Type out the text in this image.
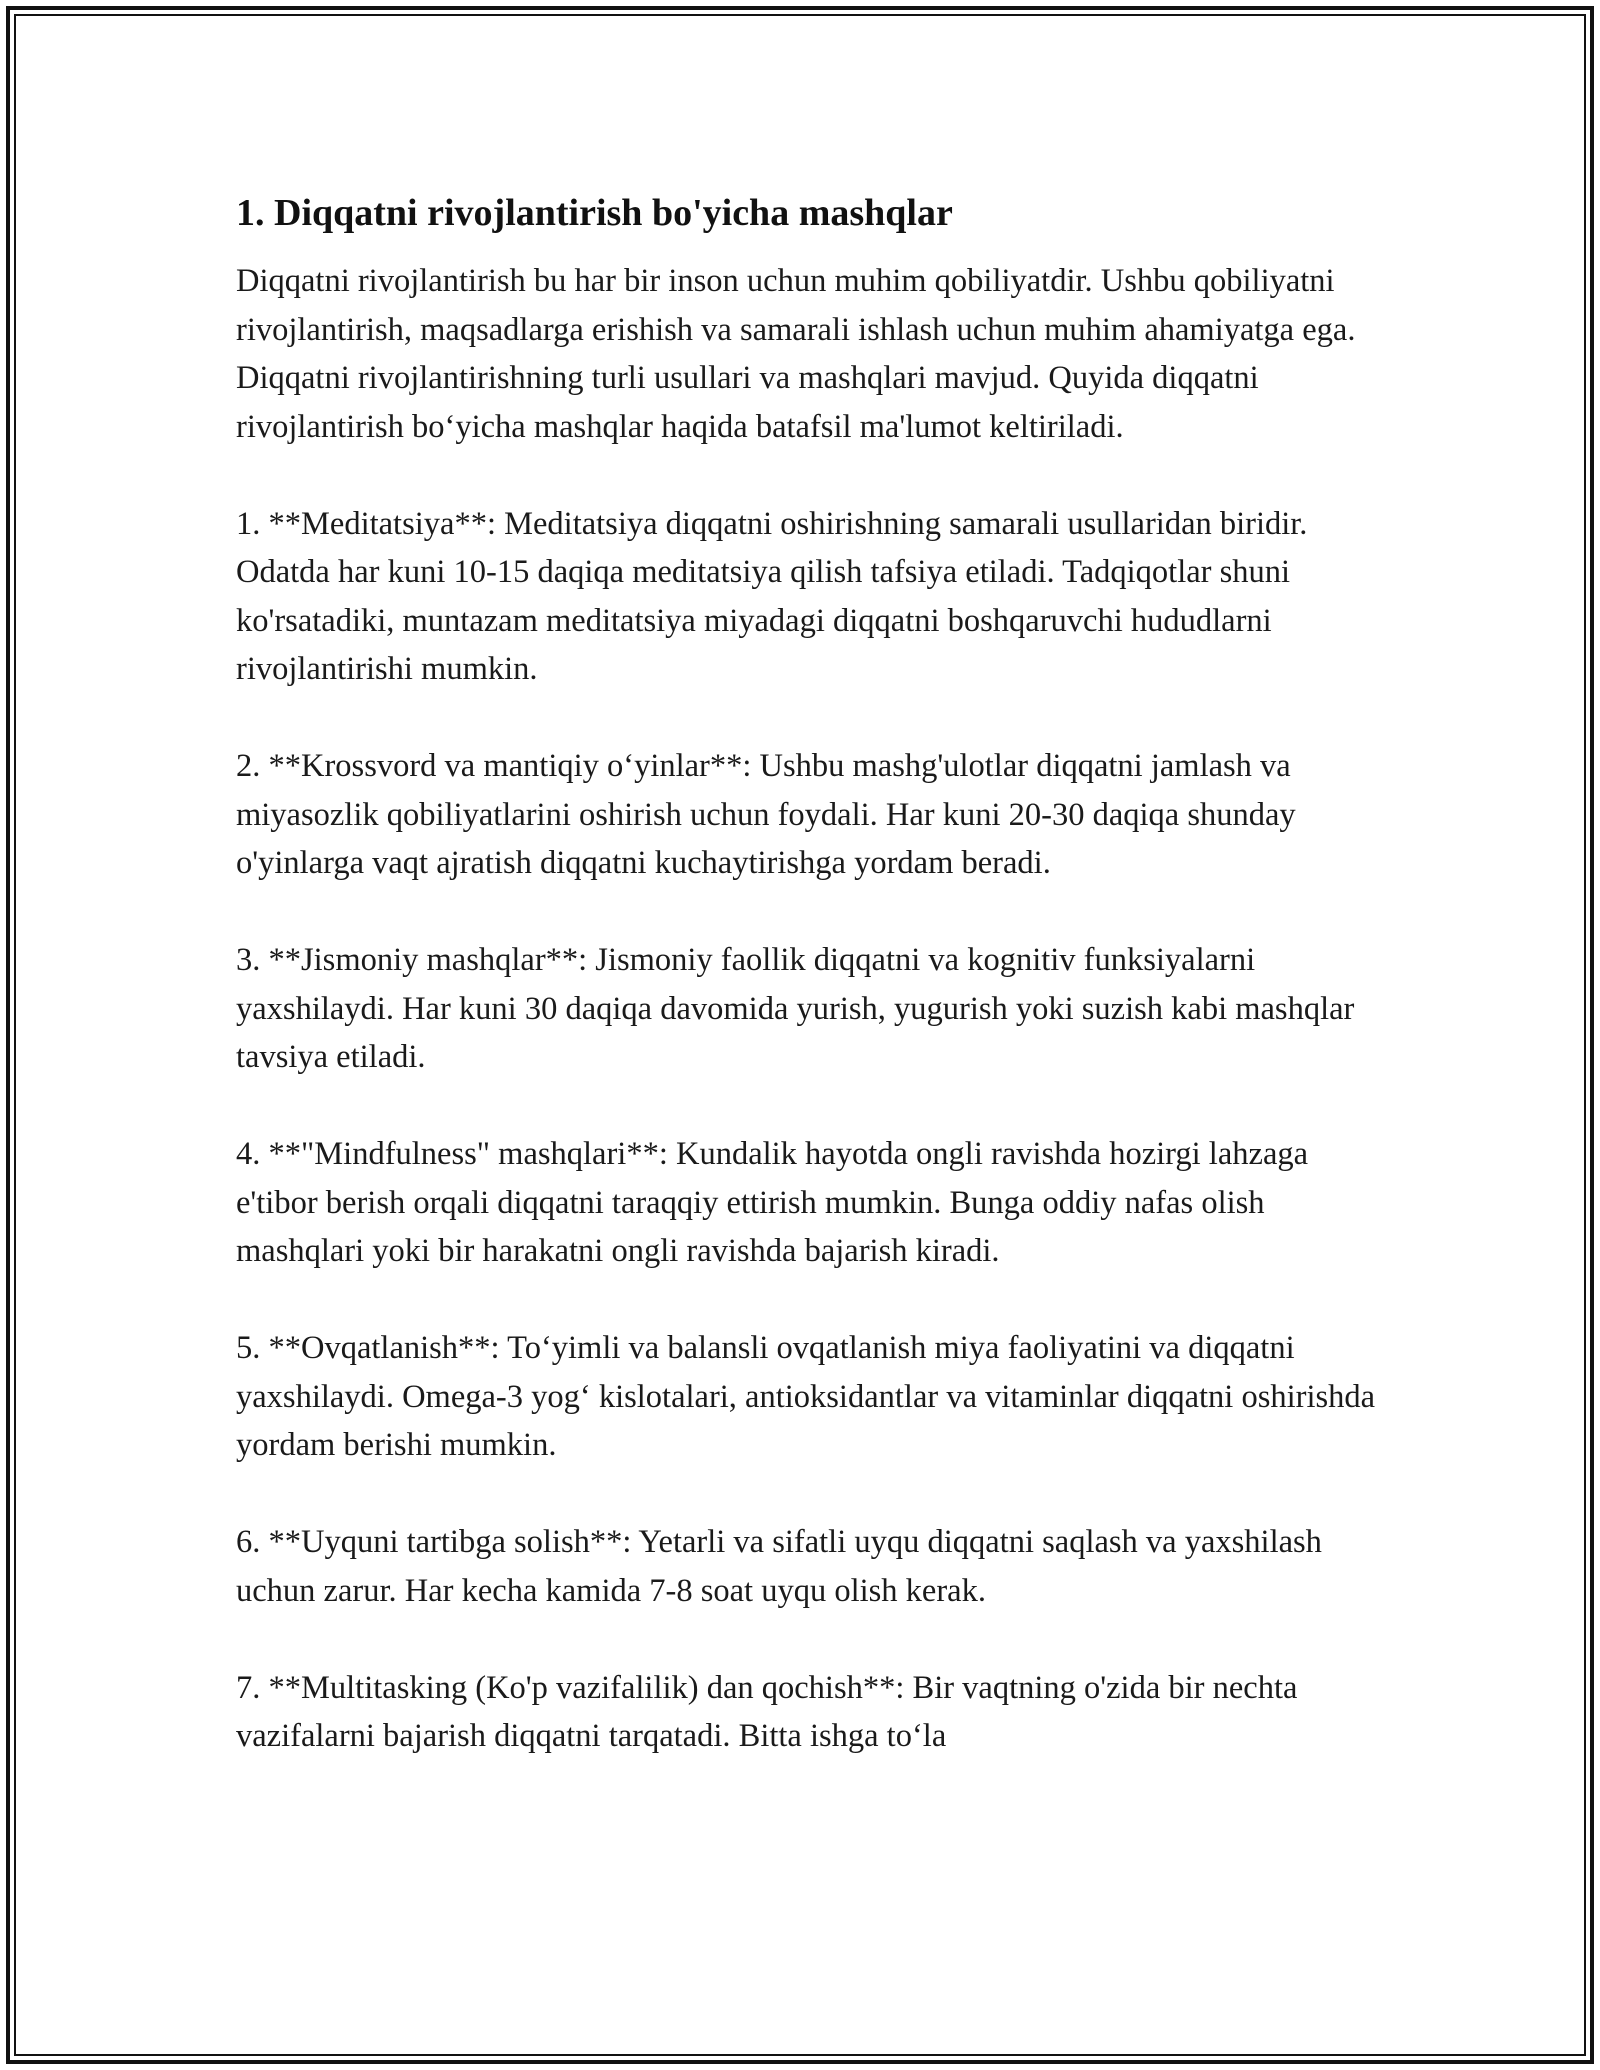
1. Diqqatni rivojlantirish bo'yicha mashqlar

Diqqatni rivojlantirish bu har bir inson uchun muhim qobiliyatdir. Ushbu qobiliyatni rivojlantirish, maqsadlarga erishish va samarali ishlash uchun muhim ahamiyatga ega. Diqqatni rivojlantirishning turli usullari va mashqlari mavjud. Quyida diqqatni rivojlantirish bo‘yicha mashqlar haqida batafsil ma'lumot keltiriladi.

1. **Meditatsiya**: Meditatsiya diqqatni oshirishning samarali usullaridan biridir. Odatda har kuni 10-15 daqiqa meditatsiya qilish tafsiya etiladi. Tadqiqotlar shuni ko'rsatadiki, muntazam meditatsiya miyadagi diqqatni boshqaruvchi hududlarni rivojlantirishi mumkin.

2. **Krossvord va mantiqiy o‘yinlar**: Ushbu mashg'ulotlar diqqatni jamlash va miyasozlik qobiliyatlarini oshirish uchun foydali. Har kuni 20-30 daqiqa shunday o'yinlarga vaqt ajratish diqqatni kuchaytirishga yordam beradi.

3. **Jismoniy mashqlar**: Jismoniy faollik diqqatni va kognitiv funksiyalarni yaxshilaydi. Har kuni 30 daqiqa davomida yurish, yugurish yoki suzish kabi mashqlar tavsiya etiladi.

4. **"Mindfulness" mashqlari**: Kundalik hayotda ongli ravishda hozirgi lahzaga e'tibor berish orqali diqqatni taraqqiy ettirish mumkin. Bunga oddiy nafas olish mashqlari yoki bir harakatni ongli ravishda bajarish kiradi.

5. **Ovqatlanish**: To‘yimli va balansli ovqatlanish miya faoliyatini va diqqatni yaxshilaydi. Omega-3 yog‘ kislotalari, antioksidantlar va vitaminlar diqqatni oshirishda yordam berishi mumkin.

6. **Uyquni tartibga solish**: Yetarli va sifatli uyqu diqqatni saqlash va yaxshilash uchun zarur. Har kecha kamida 7-8 soat uyqu olish kerak.

7. **Multitasking (Ko'p vazifalilik) dan qochish**: Bir vaqtning o'zida bir nechta vazifalarni bajarish diqqatni tarqatadi. Bitta ishga to‘la
